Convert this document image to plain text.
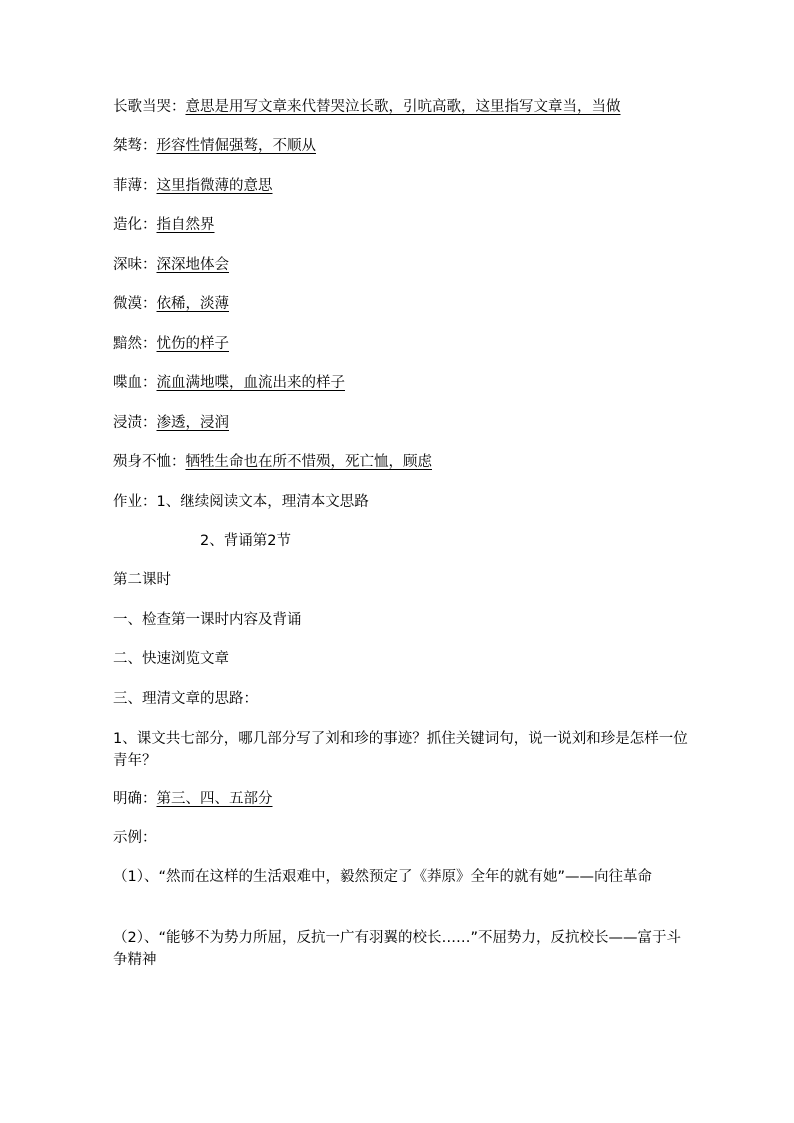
长歌当哭：意思是用写文章来代替哭泣长歌，引吭高歌，这里指写文章当，当做
桀骜：形容性情倔强骜，不顺从
菲薄：这里指微薄的意思
造化：指自然界
深味：深深地体会
微漠：依稀，淡薄
黯然：忧伤的样子
喋血：流血满地喋，血流出来的样子
浸渍：渗透，浸润
殒身不恤：牺牲生命也在所不惜殒，死亡恤，顾虑
作业：1、继续阅读文本，理清本文思路
2、背诵第2节
第二课时
一、检查第一课时内容及背诵
二、快速浏览文章
三、理清文章的思路：
1、课文共七部分，哪几部分写了刘和珍的事迹？抓住关键词句，说一说刘和珍是怎样一位青年？
明确：第三、四、五部分
示例：
（1）、“然而在这样的生活艰难中，毅然预定了《莽原》全年的就有她”——向往革命
（2）、“能够不为势力所屈，反抗一广有羽翼的校长……”不屈势力，反抗校长——富于斗争精神
